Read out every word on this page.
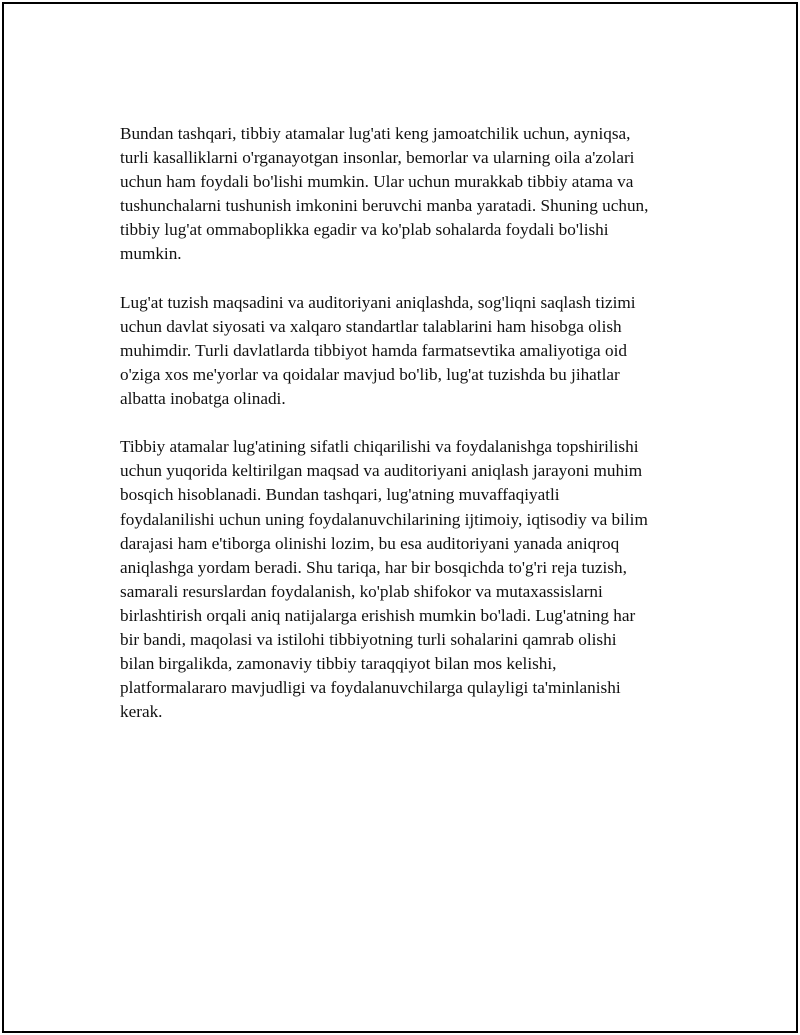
Bundan tashqari, tibbiy atamalar lug'ati keng jamoatchilik uchun, ayniqsa,
turli kasalliklarni o'rganayotgan insonlar, bemorlar va ularning oila a'zolari
uchun ham foydali bo'lishi mumkin. Ular uchun murakkab tibbiy atama va
tushunchalarni tushunish imkonini beruvchi manba yaratadi. Shuning uchun,
tibbiy lug'at ommaboplikka egadir va ko'plab sohalarda foydali bo'lishi
mumkin.

Lug'at tuzish maqsadini va auditoriyani aniqlashda, sog'liqni saqlash tizimi
uchun davlat siyosati va xalqaro standartlar talablarini ham hisobga olish
muhimdir. Turli davlatlarda tibbiyot hamda farmatsevtika amaliyotiga oid
o'ziga xos me'yorlar va qoidalar mavjud bo'lib, lug'at tuzishda bu jihatlar
albatta inobatga olinadi.

Tibbiy atamalar lug'atining sifatli chiqarilishi va foydalanishga topshirilishi
uchun yuqorida keltirilgan maqsad va auditoriyani aniqlash jarayoni muhim
bosqich hisoblanadi. Bundan tashqari, lug'atning muvaffaqiyatli
foydalanilishi uchun uning foydalanuvchilarining ijtimoiy, iqtisodiy va bilim
darajasi ham e'tiborga olinishi lozim, bu esa auditoriyani yanada aniqroq
aniqlashga yordam beradi. Shu tariqa, har bir bosqichda to'g'ri reja tuzish,
samarali resurslardan foydalanish, ko'plab shifokor va mutaxassislarni
birlashtirish orqali aniq natijalarga erishish mumkin bo'ladi. Lug'atning har
bir bandi, maqolasi va istilohi tibbiyotning turli sohalarini qamrab olishi
bilan birgalikda, zamonaviy tibbiy taraqqiyot bilan mos kelishi,
platformalararo mavjudligi va foydalanuvchilarga qulayligi ta'minlanishi
kerak.
